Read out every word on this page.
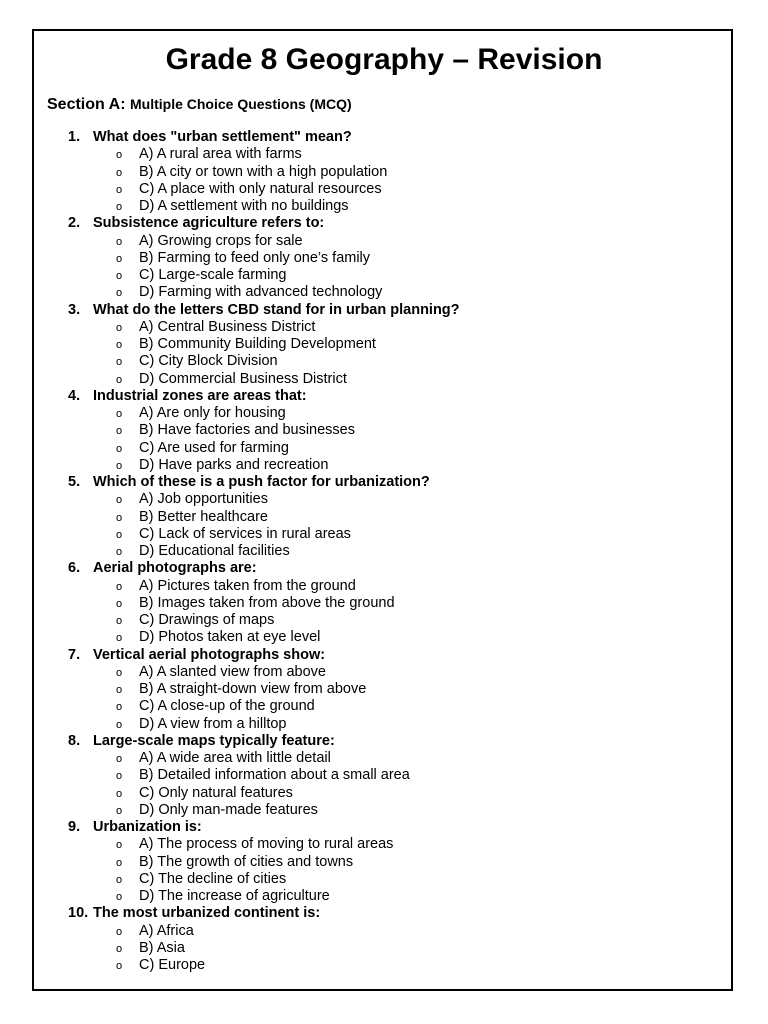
Grade 8 Geography – Revision
Section A: Multiple Choice Questions (MCQ)
1. What does "urban settlement" mean?
o A) A rural area with farms
o B) A city or town with a high population
o C) A place with only natural resources
o D) A settlement with no buildings
2. Subsistence agriculture refers to:
o A) Growing crops for sale
o B) Farming to feed only one’s family
o C) Large-scale farming
o D) Farming with advanced technology
3. What do the letters CBD stand for in urban planning?
o A) Central Business District
o B) Community Building Development
o C) City Block Division
o D) Commercial Business District
4. Industrial zones are areas that:
o A) Are only for housing
o B) Have factories and businesses
o C) Are used for farming
o D) Have parks and recreation
5. Which of these is a push factor for urbanization?
o A) Job opportunities
o B) Better healthcare
o C) Lack of services in rural areas
o D) Educational facilities
6. Aerial photographs are:
o A) Pictures taken from the ground
o B) Images taken from above the ground
o C) Drawings of maps
o D) Photos taken at eye level
7. Vertical aerial photographs show:
o A) A slanted view from above
o B) A straight-down view from above
o C) A close-up of the ground
o D) A view from a hilltop
8. Large-scale maps typically feature:
o A) A wide area with little detail
o B) Detailed information about a small area
o C) Only natural features
o D) Only man-made features
9. Urbanization is:
o A) The process of moving to rural areas
o B) The growth of cities and towns
o C) The decline of cities
o D) The increase of agriculture
10. The most urbanized continent is:
o A) Africa
o B) Asia
o C) Europe
